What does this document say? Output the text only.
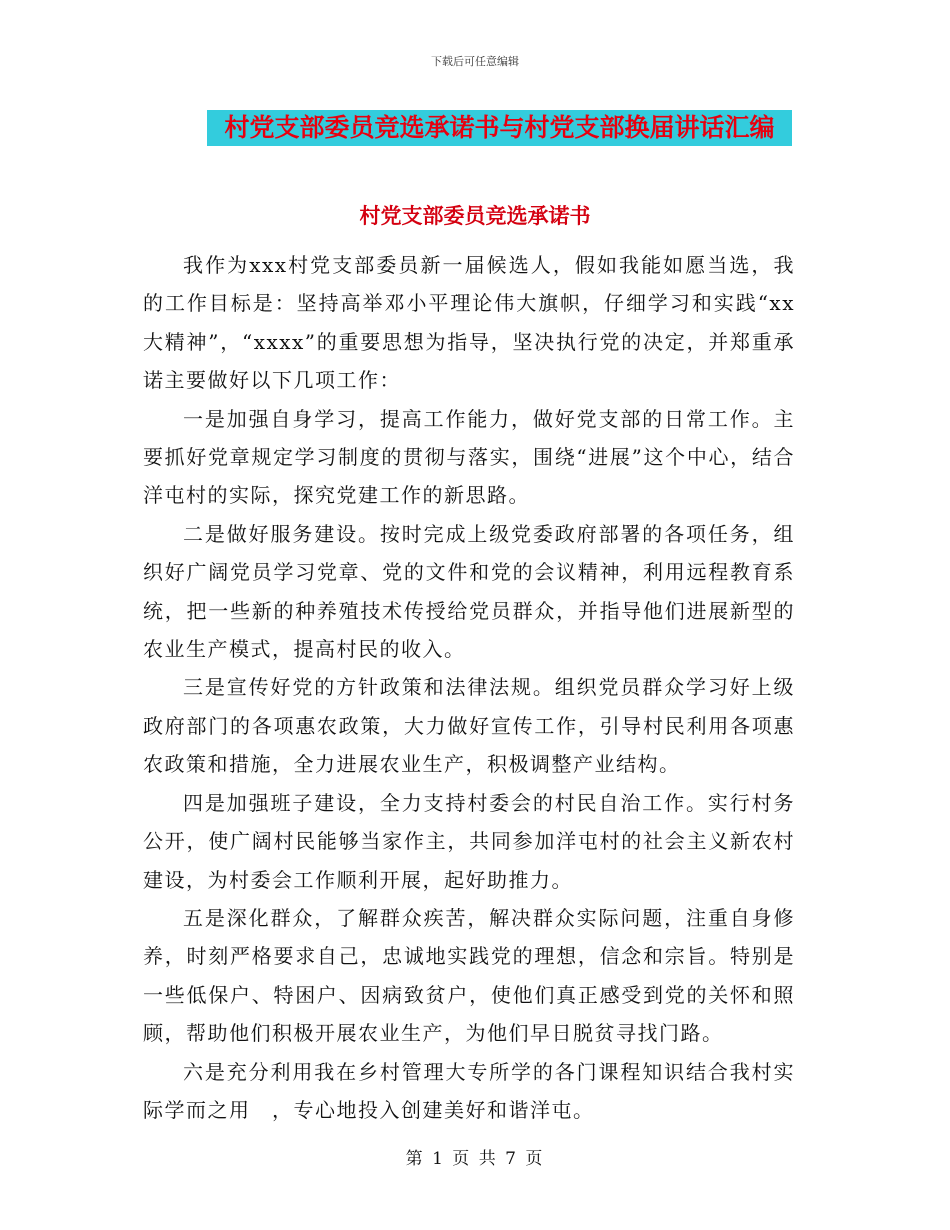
下载后可任意编辑
村党支部委员竞选承诺书与村党支部换届讲话汇编
村党支部委员竞选承诺书

我作为xxx村党支部委员新一届候选人，假如我能如愿当选，我的工作目标是：坚持高举邓小平理论伟大旗帜，仔细学习和实践“xx大精神”，“xxxx”的重要思想为指导，坚决执行党的决定，并郑重承诺主要做好以下几项工作：

一是加强自身学习，提高工作能力，做好党支部的日常工作。主要抓好党章规定学习制度的贯彻与落实，围绕“进展”这个中心，结合洋屯村的实际，探究党建工作的新思路。

二是做好服务建设。按时完成上级党委政府部署的各项任务，组织好广阔党员学习党章、党的文件和党的会议精神，利用远程教育系统，把一些新的种养殖技术传授给党员群众，并指导他们进展新型的农业生产模式，提高村民的收入。

三是宣传好党的方针政策和法律法规。组织党员群众学习好上级政府部门的各项惠农政策，大力做好宣传工作，引导村民利用各项惠农政策和措施，全力进展农业生产，积极调整产业结构。

四是加强班子建设，全力支持村委会的村民自治工作。实行村务公开，使广阔村民能够当家作主，共同参加洋屯村的社会主义新农村建设，为村委会工作顺利开展，起好助推力。

五是深化群众，了解群众疾苦，解决群众实际问题，注重自身修养，时刻严格要求自己，忠诚地实践党的理想，信念和宗旨。特别是一些低保户、特困户、因病致贫户，使他们真正感受到党的关怀和照顾，帮助他们积极开展农业生产，为他们早日脱贫寻找门路。

六是充分利用我在乡村管理大专所学的各门课程知识结合我村实际学而之用　，专心地投入创建美好和谐洋屯。

第 1 页 共 7 页
